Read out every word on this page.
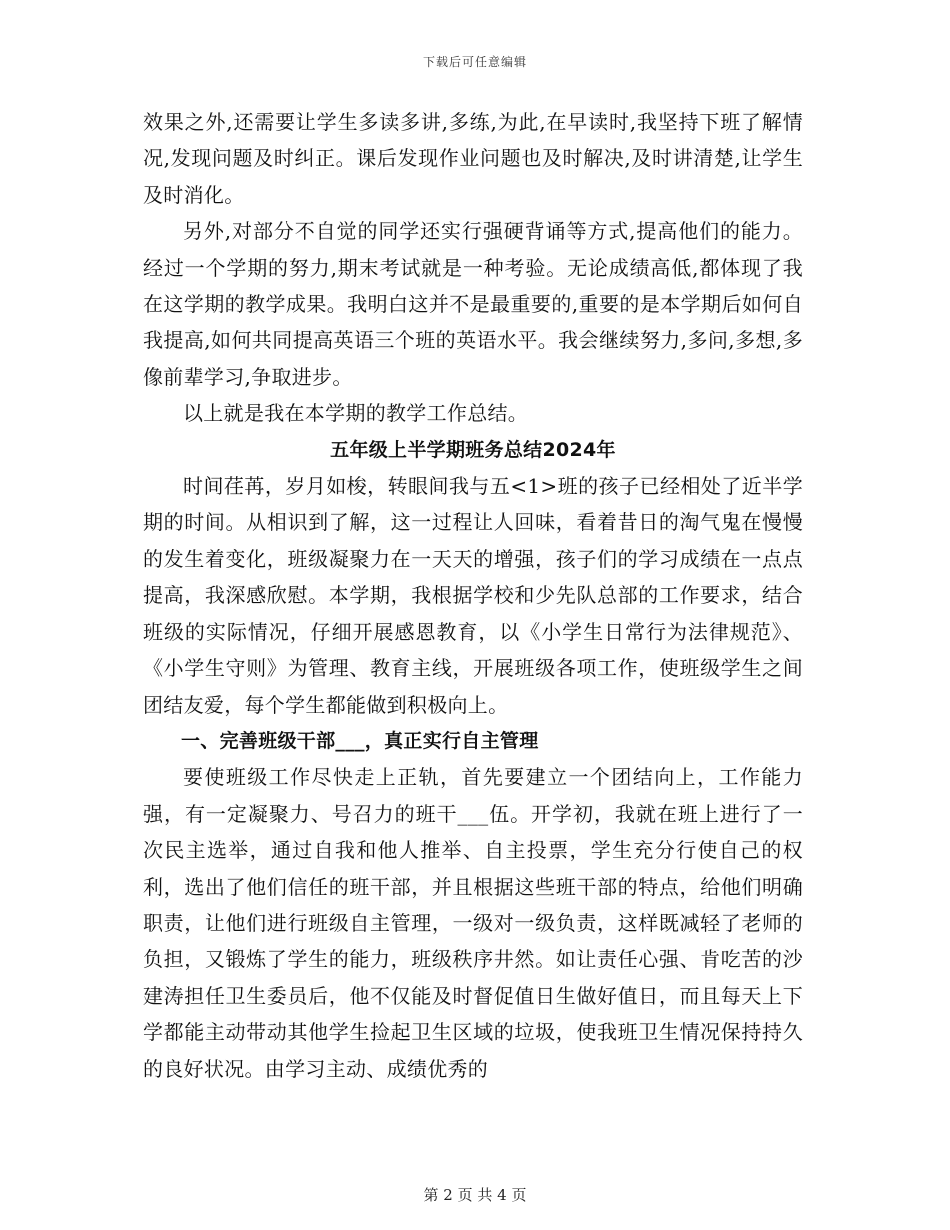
下载后可任意编辑

效果之外,还需要让学生多读多讲,多练,为此,在早读时,我坚持下班了解情况,发现问题及时纠正。课后发现作业问题也及时解决,及时讲清楚,让学生及时消化。

另外,对部分不自觉的同学还实行强硬背诵等方式,提高他们的能力。经过一个学期的努力,期末考试就是一种考验。无论成绩高低,都体现了我在这学期的教学成果。我明白这并不是最重要的,重要的是本学期后如何自我提高,如何共同提高英语三个班的英语水平。我会继续努力,多问,多想,多像前辈学习,争取进步。

以上就是我在本学期的教学工作总结。

五年级上半学期班务总结2024年

时间荏苒，岁月如梭，转眼间我与五<1>班的孩子已经相处了近半学期的时间。从相识到了解，这一过程让人回味，看着昔日的淘气鬼在慢慢的发生着变化，班级凝聚力在一天天的增强，孩子们的学习成绩在一点点提高，我深感欣慰。本学期，我根据学校和少先队总部的工作要求，结合班级的实际情况，仔细开展感恩教育，以《小学生日常行为法律规范》、《小学生守则》为管理、教育主线，开展班级各项工作，使班级学生之间团结友爱，每个学生都能做到积极向上。

一、完善班级干部___，真正实行自主管理

要使班级工作尽快走上正轨，首先要建立一个团结向上，工作能力强，有一定凝聚力、号召力的班干___伍。开学初，我就在班上进行了一次民主选举，通过自我和他人推举、自主投票，学生充分行使自己的权利，选出了他们信任的班干部，并且根据这些班干部的特点，给他们明确职责，让他们进行班级自主管理，一级对一级负责，这样既减轻了老师的负担，又锻炼了学生的能力，班级秩序井然。如让责任心强、肯吃苦的沙建涛担任卫生委员后，他不仅能及时督促值日生做好值日，而且每天上下学都能主动带动其他学生捡起卫生区域的垃圾，使我班卫生情况保持持久的良好状况。由学习主动、成绩优秀的

第 2 页 共 4 页
